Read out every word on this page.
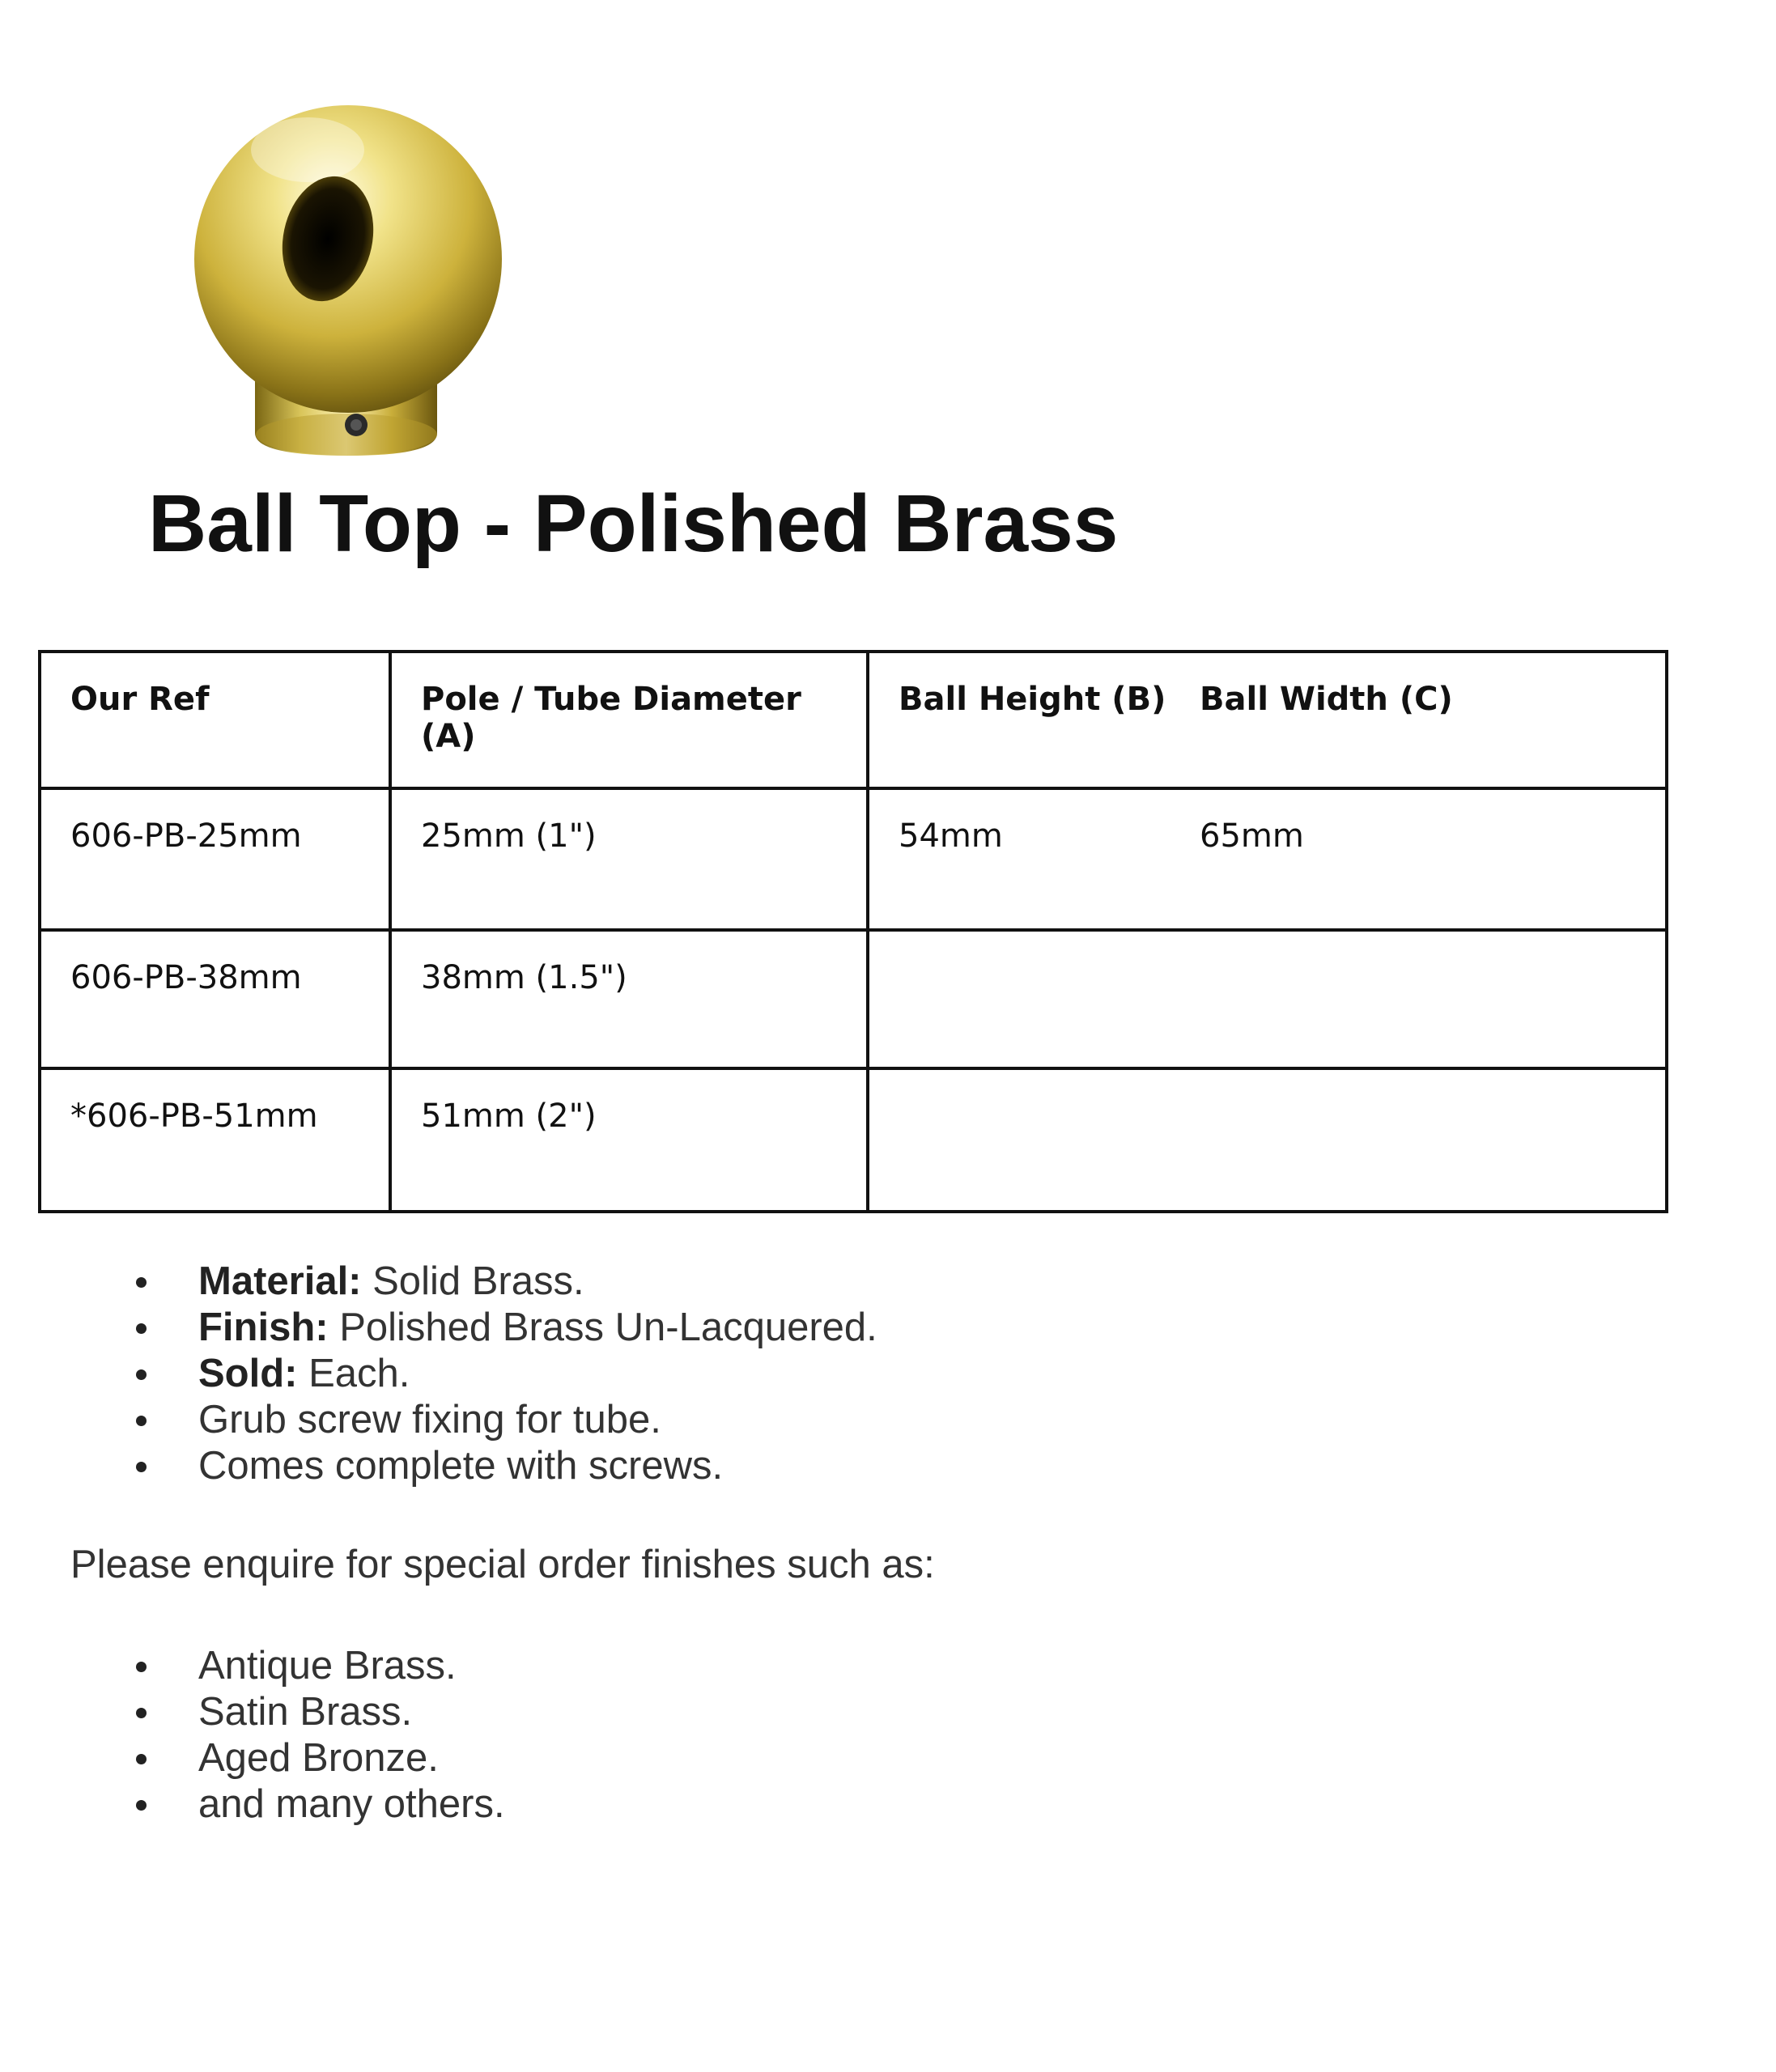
Ball Top - Polished Brass
Our Ref	Pole / Tube Diameter (A)	Ball Height (B) Ball Width (C)

606-PB-25mm	25mm (1")	54mm 65mm

606-PB-38mm	38mm (1.5")	

*606-PB-51mm	51mm (2")	
Material: Solid Brass.
Finish: Polished Brass Un-Lacquered.
Sold: Each.
Grub screw fixing for tube.
Comes complete with screws.

Please enquire for special order finishes such as:

Antique Brass.
Satin Brass.
Aged Bronze.
and many others.
